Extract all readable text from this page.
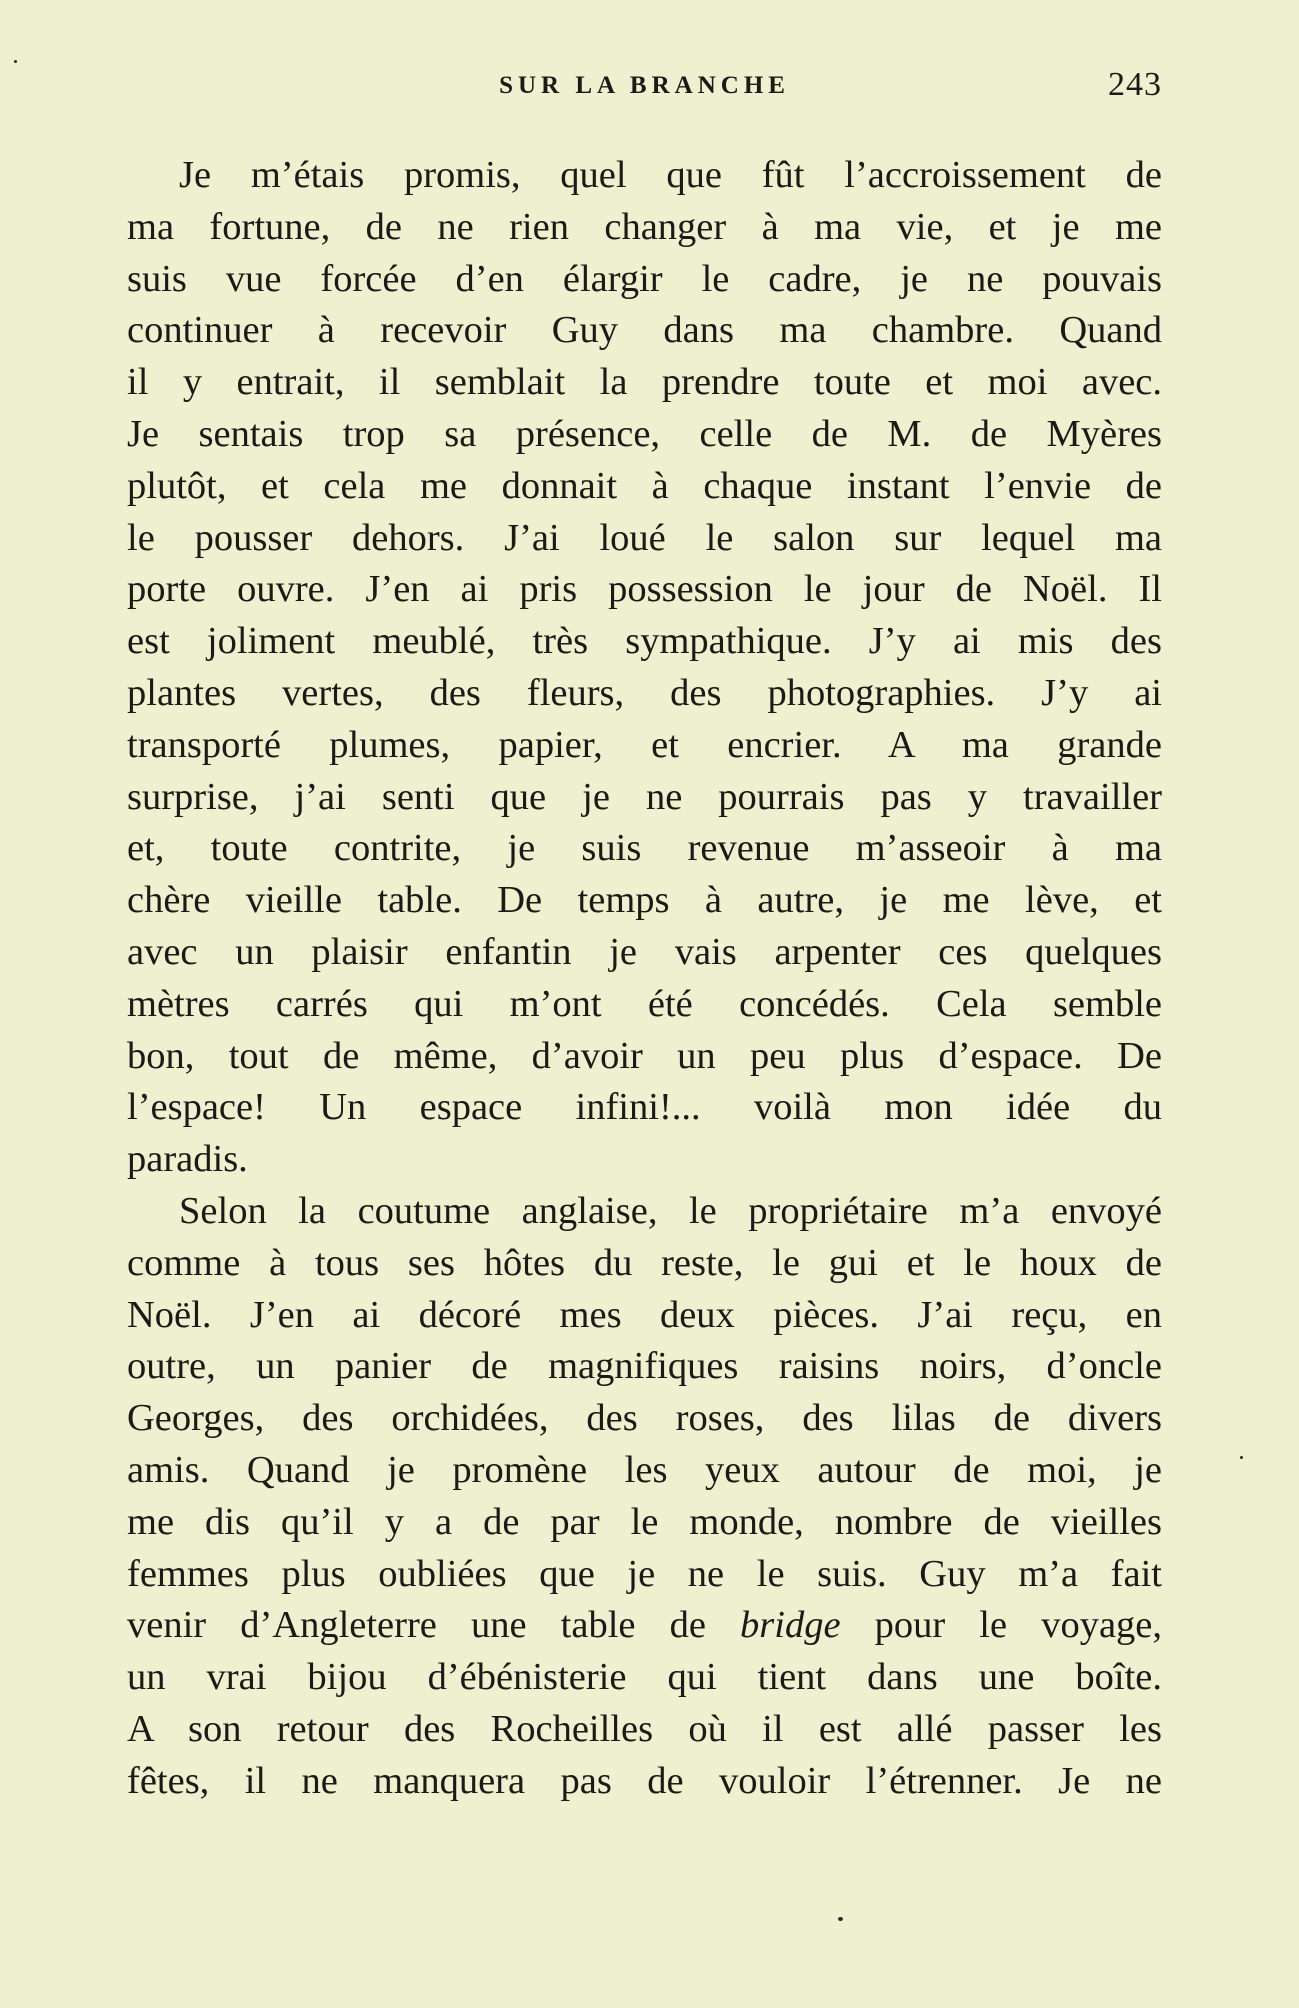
SUR LA BRANCHE	243

Je m’étais promis, quel que fût l’accroissement de
ma fortune, de ne rien changer à ma vie, et je me
suis vue forcée d’en élargir le cadre, je ne pouvais
continuer à recevoir Guy dans ma chambre. Quand
il y entrait, il semblait la prendre toute et moi avec.
Je sentais trop sa présence, celle de M. de Myères
plutôt, et cela me donnait à chaque instant l’envie de
le pousser dehors. J’ai loué le salon sur lequel ma
porte ouvre. J’en ai pris possession le jour de Noël. Il
est joliment meublé, très sympathique. J’y ai mis des
plantes vertes, des fleurs, des photographies. J’y ai
transporté plumes, papier, et encrier. A ma grande
surprise, j’ai senti que je ne pourrais pas y travailler
et, toute contrite, je suis revenue m’asseoir à ma
chère vieille table. De temps à autre, je me lève, et
avec un plaisir enfantin je vais arpenter ces quelques
mètres carrés qui m’ont été concédés. Cela semble
bon, tout de même, d’avoir un peu plus d’espace. De
l’espace! Un espace infini!... voilà mon idée du
paradis.

Selon la coutume anglaise, le propriétaire m’a envoyé
comme à tous ses hôtes du reste, le gui et le houx de
Noël. J’en ai décoré mes deux pièces. J’ai reçu, en
outre, un panier de magnifiques raisins noirs, d’oncle
Georges, des orchidées, des roses, des lilas de divers
amis. Quand je promène les yeux autour de moi, je
me dis qu’il y a de par le monde, nombre de vieilles
femmes plus oubliées que je ne le suis. Guy m’a fait
venir d’Angleterre une table de bridge pour le voyage,
un vrai bijou d’ébénisterie qui tient dans une boîte.
A son retour des Rocheilles où il est allé passer les
fêtes, il ne manquera pas de vouloir l’étrenner. Je ne
